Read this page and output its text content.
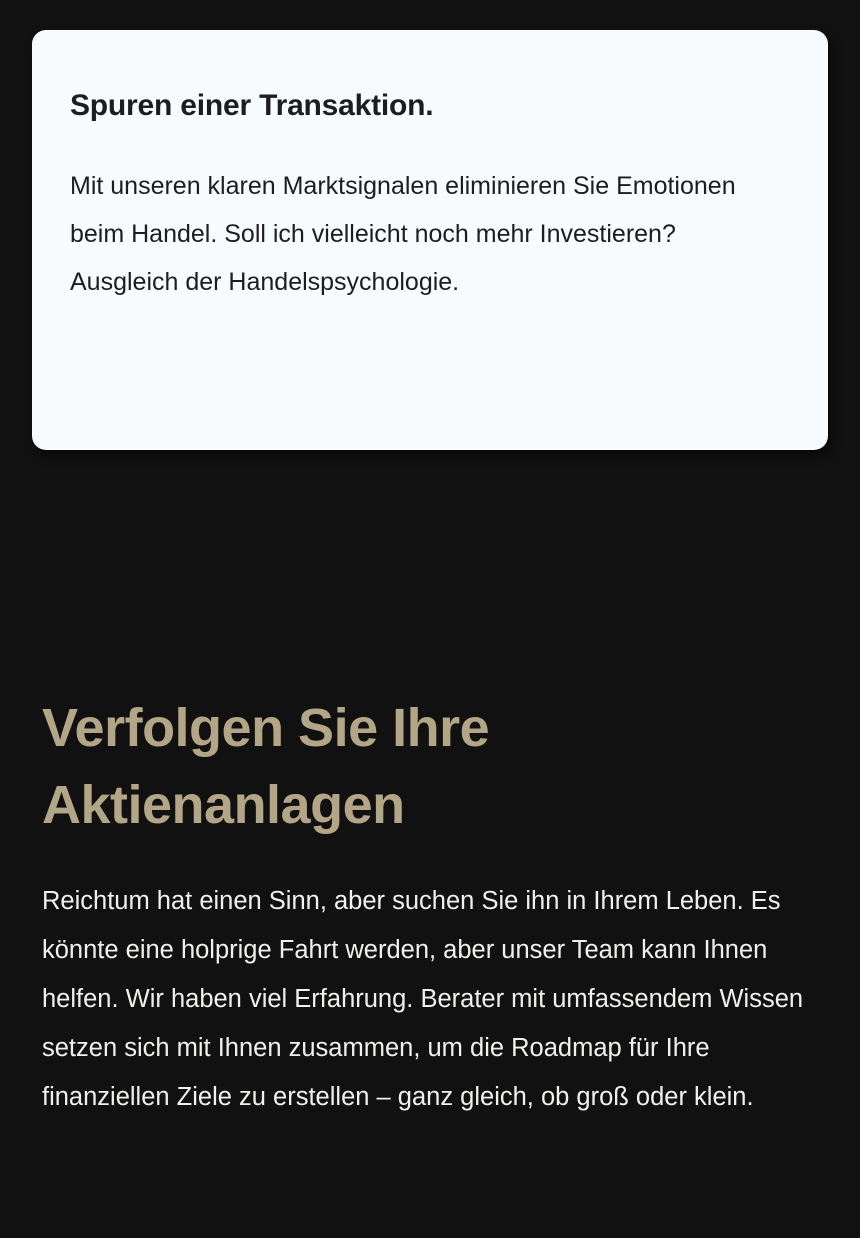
Spuren einer Transaktion.

Mit unseren klaren Marktsignalen eliminieren Sie Emotionen beim Handel. Soll ich vielleicht noch mehr Investieren? Ausgleich der Handelspsychologie.

Verfolgen Sie Ihre Aktienanlagen

Reichtum hat einen Sinn, aber suchen Sie ihn in Ihrem Leben. Es könnte eine holprige Fahrt werden, aber unser Team kann Ihnen helfen. Wir haben viel Erfahrung. Berater mit umfassendem Wissen setzen sich mit Ihnen zusammen, um die Roadmap für Ihre finanziellen Ziele zu erstellen – ganz gleich, ob groß oder klein.
